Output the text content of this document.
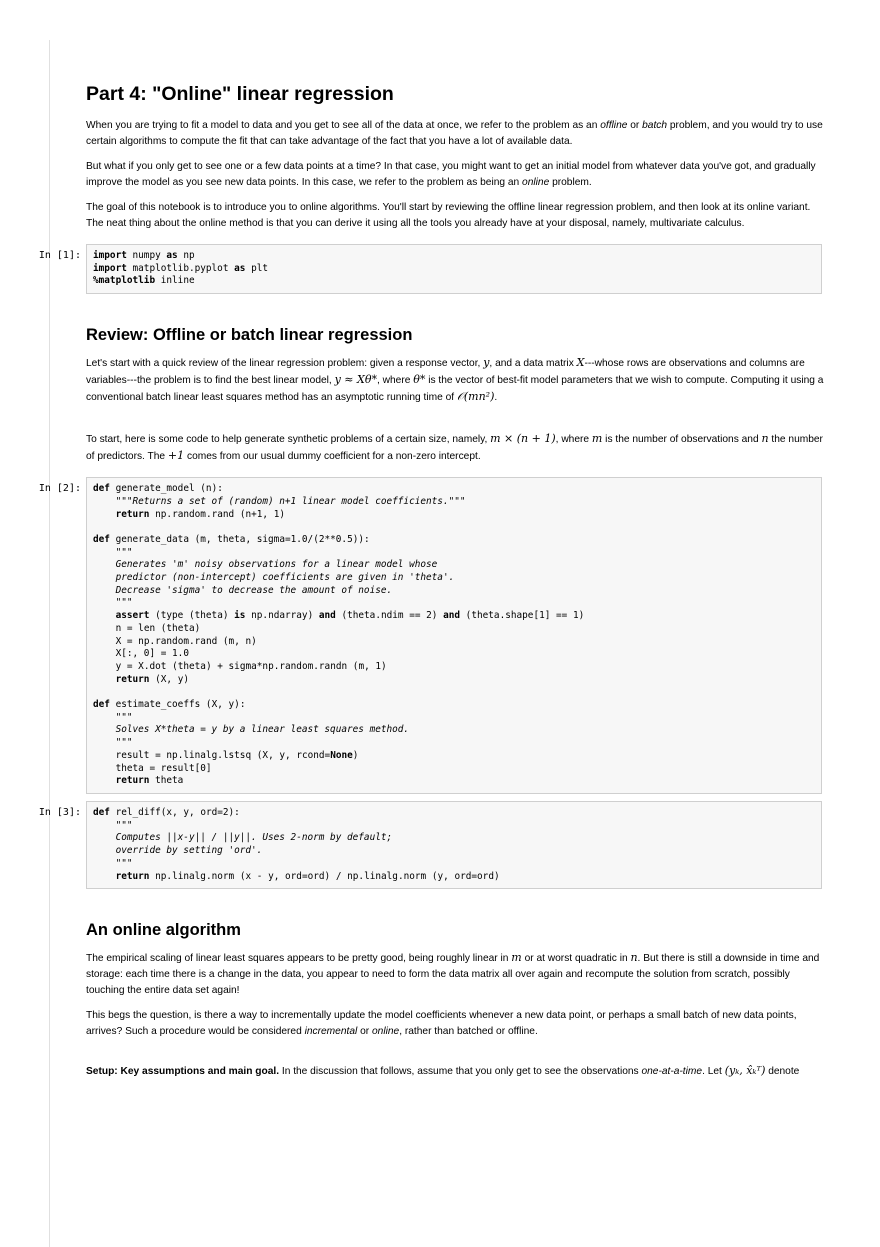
Part 4: "Online" linear regression

When you are trying to fit a model to data and you get to see all of the data at once, we refer to the problem as an offline or batch problem, and you would try to use certain algorithms to compute the fit that can take advantage of the fact that you have a lot of available data.

But what if you only get to see one or a few data points at a time? In that case, you might want to get an initial model from whatever data you've got, and gradually improve the model as you see new data points. In this case, we refer to the problem as being an online problem.

The goal of this notebook is to introduce you to online algorithms. You'll start by reviewing the offline linear regression problem, and then look at its online variant. The neat thing about the online method is that you can derive it using all the tools you already have at your disposal, namely, multivariate calculus.

In [1]:	import numpy as np
import matplotlib.pyplot as plt
%matplotlib inline
Review: Offline or batch linear regression

Let's start with a quick review of the linear regression problem: given a response vector, y, and a data matrix X---whose rows are observations and columns are variables---the problem is to find the best linear model, y ≈ Xθ*, where θ* is the vector of best-fit model parameters that we wish to compute. Computing it using a conventional batch linear least squares method has an asymptotic running time of 𝒪(mn²).

To start, here is some code to help generate synthetic problems of a certain size, namely, m × (n + 1), where m is the number of observations and n the number of predictors. The +1 comes from our usual dummy coefficient for a non-zero intercept.

In [2]:	def generate_model (n):
"""Returns a set of (random) n+1 linear model coefficients."""
return np.random.rand (n+1, 1)

def generate_data (m, theta, sigma=1.0/(2**0.5)):
"""
Generates 'm' noisy observations for a linear model whose
predictor (non-intercept) coefficients are given in 'theta'.
Decrease 'sigma' to decrease the amount of noise.
"""
assert (type (theta) is np.ndarray) and (theta.ndim == 2) and (theta.shape[1] == 1)
n = len (theta)
X = np.random.rand (m, n)
X[:, 0] = 1.0
y = X.dot (theta) + sigma*np.random.randn (m, 1)
return (X, y)

def estimate_coeffs (X, y):
"""
Solves X*theta = y by a linear least squares method.
"""
result = np.linalg.lstsq (X, y, rcond=None)
theta = result[0]
return theta
In [3]:	def rel_diff(x, y, ord=2):
"""
Computes ||x-y|| / ||y||. Uses 2-norm by default;
override by setting 'ord'.
"""
return np.linalg.norm (x - y, ord=ord) / np.linalg.norm (y, ord=ord)
An online algorithm

The empirical scaling of linear least squares appears to be pretty good, being roughly linear in m or at worst quadratic in n. But there is still a downside in time and storage: each time there is a change in the data, you appear to need to form the data matrix all over again and recompute the solution from scratch, possibly touching the entire data set again!

This begs the question, is there a way to incrementally update the model coefficients whenever a new data point, or perhaps a small batch of new data points, arrives? Such a procedure would be considered incremental or online, rather than batched or offline.

Setup: Key assumptions and main goal. In the discussion that follows, assume that you only get to see the observations one-at-a-time. Let (yₖ, x̂ₖᵀ) denote
